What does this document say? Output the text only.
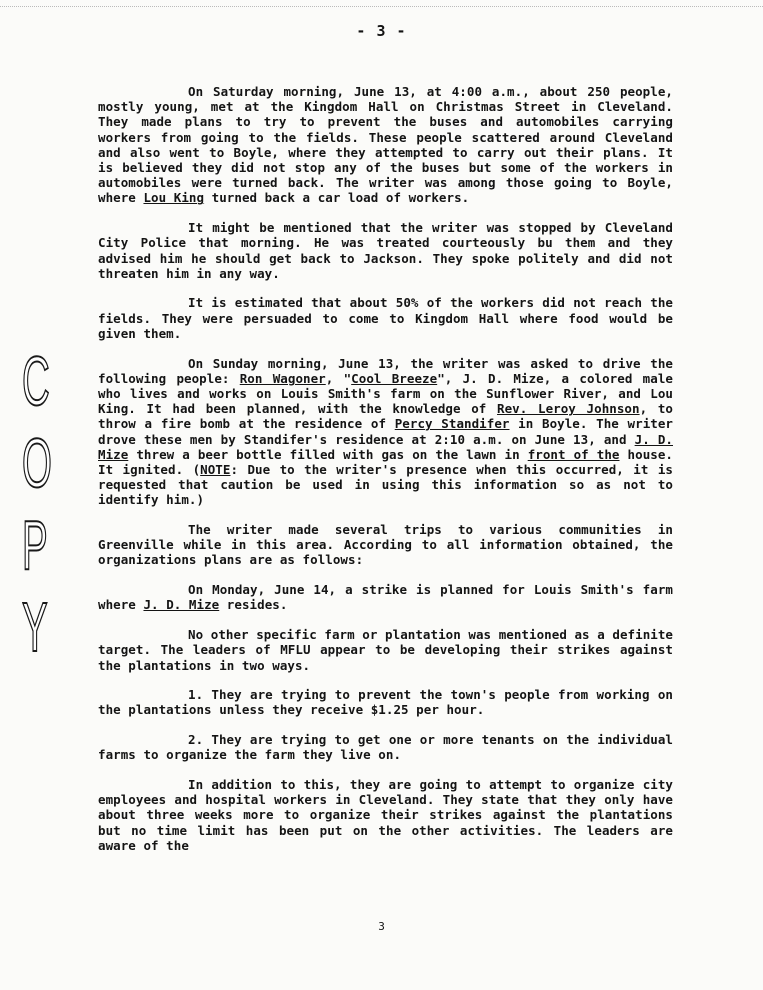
- 3 -
C
O
P
Y

On Saturday morning, June 13, at 4:00 a.m., about 250 people, mostly young, met at the Kingdom Hall on Christmas Street in Cleveland. They made plans to try to prevent the buses and automobiles carrying workers from going to the fields. These people scattered around Cleveland and also went to Boyle, where they attempted to carry out their plans. It is believed they did not stop any of the buses but some of the workers in automobiles were turned back. The writer was among those going to Boyle, where Lou King turned back a car load of workers.

It might be mentioned that the writer was stopped by Cleveland City Police that morning. He was treated courteously bu them and they advised him he should get back to Jackson. They spoke politely and did not threaten him in any way.

It is estimated that about 50% of the workers did not reach the fields. They were persuaded to come to Kingdom Hall where food would be given them.

On Sunday morning, June 13, the writer was asked to drive the following people: Ron Wagoner, "Cool Breeze", J. D. Mize, a colored male who lives and works on Louis Smith's farm on the Sunflower River, and Lou King. It had been planned, with the knowledge of Rev. Leroy Johnson, to throw a fire bomb at the residence of Percy Standifer in Boyle. The writer drove these men by Standifer's residence at 2:10 a.m. on June 13, and J. D. Mize threw a beer bottle filled with gas on the lawn in front of the house. It ignited. (NOTE: Due to the writer's presence when this occurred, it is requested that caution be used in using this information so as not to identify him.)

The writer made several trips to various communities in Greenville while in this area. According to all information obtained, the organizations plans are as follows:

On Monday, June 14, a strike is planned for Louis Smith's farm where J. D. Mize resides.

No other specific farm or plantation was mentioned as a definite target. The leaders of MFLU appear to be developing their strikes against the plantations in two ways.

1. They are trying to prevent the town's people from working on the plantations unless they receive $1.25 per hour.

2. They are trying to get one or more tenants on the individual farms to organize the farm they live on.

In addition to this, they are going to attempt to organize city employees and hospital workers in Cleveland. They state that they only have about three weeks more to organize their strikes against the plantations but no time limit has been put on the other activities. The leaders are aware of the

3
